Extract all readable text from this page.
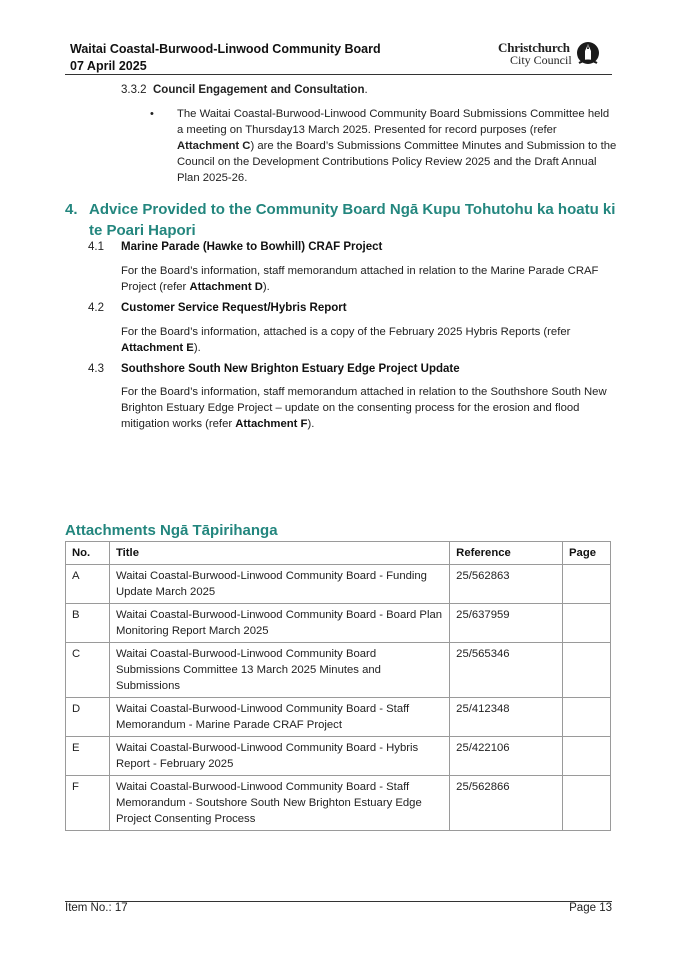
Waitai Coastal-Burwood-Linwood Community Board
07 April 2025
Christchurch
City Council
3.3.2 Council Engagement and Consultation.
• The Waitai Coastal-Burwood-Linwood Community Board Submissions Committee held a meeting on Thursday13 March 2025. Presented for record purposes (refer Attachment C) are the Board’s Submissions Committee Minutes and Submission to the Council on the Development Contributions Policy Review 2025 and the Draft Annual Plan 2025-26.
4. Advice Provided to the Community Board Ngā Kupu Tohutohu ka hoatu ki te Poari Hapori
4.1 Marine Parade (Hawke to Bowhill) CRAF Project
For the Board’s information, staff memorandum attached in relation to the Marine Parade CRAF Project (refer Attachment D).
4.2 Customer Service Request/Hybris Report
For the Board’s information, attached is a copy of the February 2025 Hybris Reports (refer Attachment E).
4.3 Southshore South New Brighton Estuary Edge Project Update
For the Board’s information, staff memorandum attached in relation to the Southshore South New Brighton Estuary Edge Project – update on the consenting process for the erosion and flood mitigation works (refer Attachment F).
Attachments Ngā Tāpirihanga
No.	Title	Reference	Page
A	Waitai Coastal-Burwood-Linwood Community Board - Funding Update March 2025	25/562863	
B	Waitai Coastal-Burwood-Linwood Community Board - Board Plan Monitoring Report March 2025	25/637959	
C	Waitai Coastal-Burwood-Linwood Community Board Submissions Committee 13 March 2025 Minutes and Submissions	25/565346	
D	Waitai Coastal-Burwood-Linwood Community Board - Staff Memorandum - Marine Parade CRAF Project	25/412348	
E	Waitai Coastal-Burwood-Linwood Community Board - Hybris Report - February 2025	25/422106	
F	Waitai Coastal-Burwood-Linwood Community Board - Staff Memorandum - Soutshore South New Brighton Estuary Edge Project Consenting Process	25/562866	
Item No.: 17	Page 13
